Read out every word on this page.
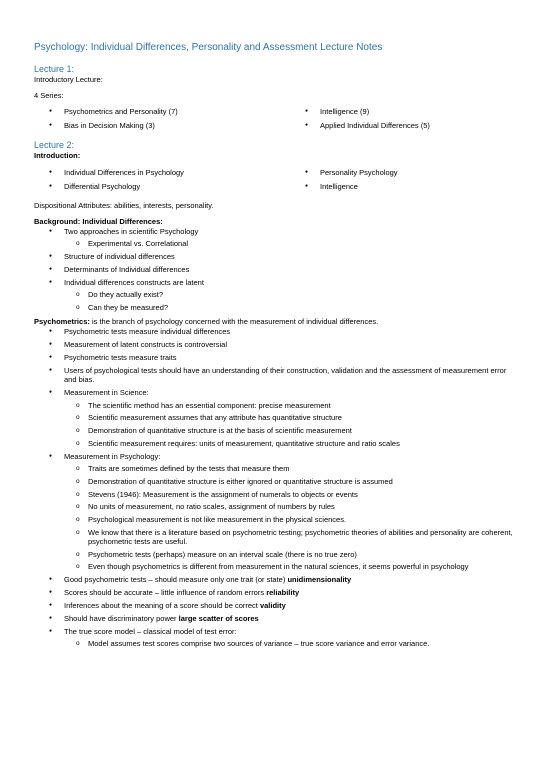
Psychology: Individual Differences, Personality and Assessment Lecture Notes
Lecture 1:
Introductory Lecture:
4 Series:
● Psychometrics and Personality (7)
● Bias in Decision Making (3)
● Intelligence (9)
● Applied Individual Differences (5)
Lecture 2:
Introduction:
● Individual Differences in Psychology
● Differential Psychology
● Personality Psychology
● Intelligence
Dispositional Attributes: abilities, interests, personality.
Background: Individual Differences:
● Two approaches in scientific Psychology
o Experimental vs. Correlational
● Structure of individual differences
● Determinants of Individual differences
● Individual differences constructs are latent
o Do they actually exist?
o Can they be measured?
Psychometrics: is the branch of psychology concerned with the measurement of individual differences.
● Psychometric tests measure individual differences
● Measurement of latent constructs is controversial
● Psychometric tests measure traits
● Users of psychological tests should have an understanding of their construction, validation and the assessment of measurement error and bias.
● Measurement in Science:
o The scientific method has an essential component: precise measurement
o Scientific measurement assumes that any attribute has quantitative structure
o Demonstration of quantitative structure is at the basis of scientific measurement
o Scientific measurement requires: units of measurement, quantitative structure and ratio scales
● Measurement in Psychology:
o Traits are sometimes defined by the tests that measure them
o Demonstration of quantitative structure is either ignored or quantitative structure is assumed
o Stevens (1946): Measurement is the assignment of numerals to objects or events
o No units of measurement, no ratio scales, assignment of numbers by rules
o Psychological measurement is not like measurement in the physical sciences.
o We know that there is a literature based on psychometric testing; psychometric theories of abilities and personality are coherent, psychometric tests are useful.
o Psychometric tests (perhaps) measure on an interval scale (there is no true zero)
o Even though psychometrics is different from measurement in the natural sciences, it seems powerful in psychology
● Good psychometric tests – should measure only one trait (or state) unidimensionality
● Scores should be accurate – little influence of random errors reliability
● Inferences about the meaning of a score should be correct validity
● Should have discriminatory power large scatter of scores
● The true score model – classical model of test error:
o Model assumes test scores comprise two sources of variance – true score variance and error variance.
